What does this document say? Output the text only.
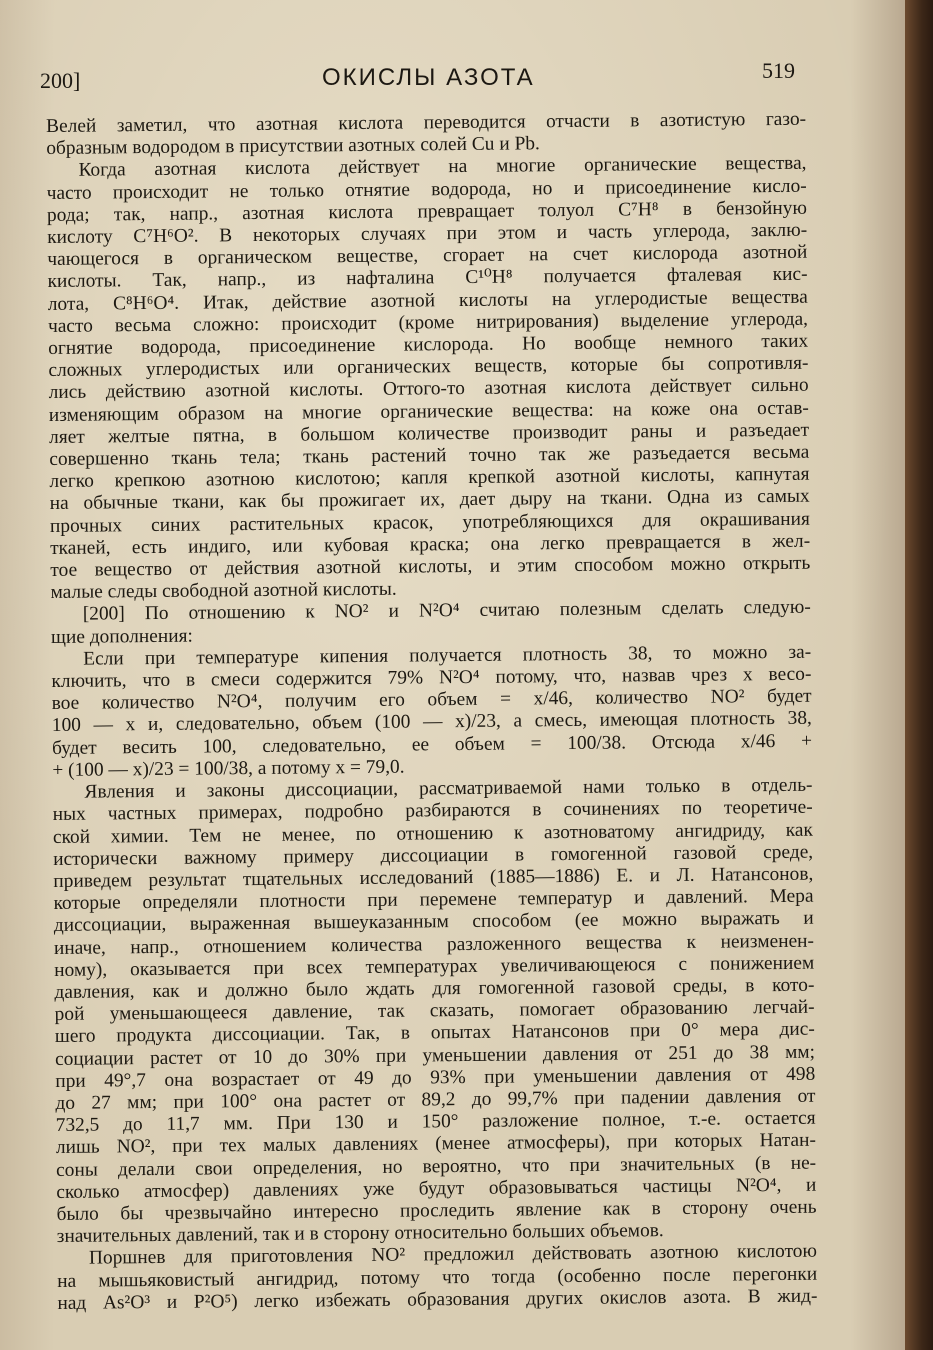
200]	ОКИСЛЫ АЗОТА	519
Велей заметил, что азотная кислота переводится отчасти в азотистую газо-
образным водородом в присутствии азотных солей Cu и Pb.
Когда азотная кислота действует на многие органические вещества,
часто происходит не только отнятие водорода, но и присоединение кисло-
рода; так, напр., азотная кислота превращает толуол C⁷H⁸ в бензойную
кислоту C⁷H⁶O². В некоторых случаях при этом и часть углерода, заклю-
чающегося в органическом веществе, сгорает на счет кислорода азотной
кислоты. Так, напр., из нафталина C¹⁰H⁸ получается фталевая кис-
лота, C⁸H⁶O⁴. Итак, действие азотной кислоты на углеродистые вещества
часто весьма сложно: происходит (кроме нитрирования) выделение углерода,
огнятие водорода, присоединение кислорода. Но вообще немного таких
сложных углеродистых или органических веществ, которые бы сопротивля-
лись действию азотной кислоты. Оттого-то азотная кислота действует сильно
изменяющим образом на многие органические вещества: на коже она остав-
ляет желтые пятна, в большом количестве производит раны и разъедает
совершенно ткань тела; ткань растений точно так же разъедается весьма
легко крепкою азотною кислотою; капля крепкой азотной кислоты, капнутая
на обычные ткани, как бы прожигает их, дает дыру на ткани. Одна из самых
прочных синих растительных красок, употребляющихся для окрашивания
тканей, есть индиго, или кубовая краска; она легко превращается в жел-
тое вещество от действия азотной кислоты, и этим способом можно открыть
малые следы свободной азотной кислоты.
[200] По отношению к NO² и N²O⁴ считаю полезным сделать следую-
щие дополнения:
Если при температуре кипения получается плотность 38, то можно за-
ключить, что в смеси содержится 79% N²O⁴ потому, что, назвав чрез x весо-
вое количество N²O⁴, получим его объем = x/46, количество NO² будет
100 — x и, следовательно, объем (100 — x)/23, а смесь, имеющая плотность 38,
будет весить 100, следовательно, ее объем = 100/38. Отсюда x/46 +
+ (100 — x)/23 = 100/38, а потому x = 79,0.
Явления и законы диссоциации, рассматриваемой нами только в отдель-
ных частных примерах, подробно разбираются в сочинениях по теоретиче-
ской химии. Тем не менее, по отношению к азотноватому ангидриду, как
исторически важному примеру диссоциации в гомогенной газовой среде,
приведем результат тщательных исследований (1885—1886) Е. и Л. Натансонов,
которые определяли плотности при перемене температур и давлений. Мера
диссоциации, выраженная вышеуказанным способом (ее можно выражать и
иначе, напр., отношением количества разложенного вещества к неизменен-
ному), оказывается при всех температурах увеличивающеюся с понижением
давления, как и должно было ждать для гомогенной газовой среды, в кото-
рой уменьшающееся давление, так сказать, помогает образованию легчай-
шего продукта диссоциации. Так, в опытах Натансонов при 0° мера дис-
социации растет от 10 до 30% при уменьшении давления от 251 до 38 мм;
при 49°,7 она возрастает от 49 до 93% при уменьшении давления от 498
до 27 мм; при 100° она растет от 89,2 до 99,7% при падении давления от
732,5 до 11,7 мм. При 130 и 150° разложение полное, т.-е. остается
лишь NO², при тех малых давлениях (менее атмосферы), при которых Натан-
соны делали свои определения, но вероятно, что при значительных (в не-
сколько атмосфер) давлениях уже будут образовываться частицы N²O⁴, и
было бы чрезвычайно интересно проследить явление как в сторону очень
значительных давлений, так и в сторону относительно больших объемов.
Поршнев для приготовления NO² предложил действовать азотною кислотою
на мышьяковистый ангидрид, потому что тогда (особенно после перегонки
над As²O³ и P²O⁵) легко избежать образования других окислов азота. В жид-
